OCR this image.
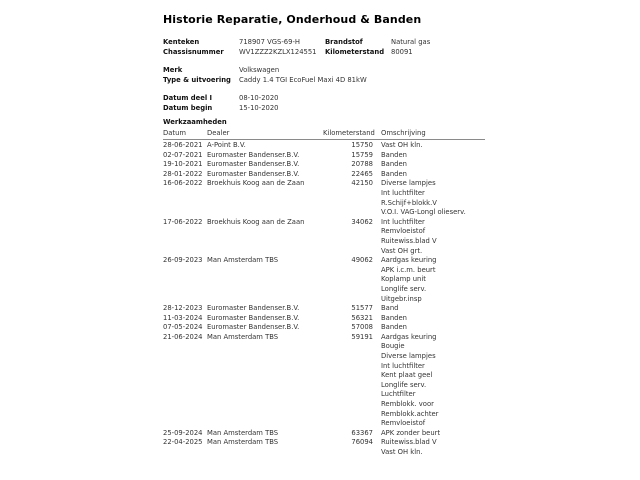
Historie Reparatie, Onderhoud & Banden
Kenteken	718907 VGS-69-H	Brandstof	Natural gas
Chassisnummer	WV1ZZZ2KZLX124551	Kilometerstand	80091
Merk	Volkswagen
Type & uitvoering	Caddy 1.4 TGI EcoFuel Maxi 4D 81kW
Datum deel I	08-10-2020
Datum begin	15-10-2020
Werkzaamheden
Datum	Dealer	Kilometerstand Omschrijving
28-06-2021 A-Point B.V.	15750 Vast OH kln.
02-07-2021 Euromaster Bandenser.B.V.	15759 Banden
19-10-2021 Euromaster Bandenser.B.V.	20788 Banden
28-01-2022 Euromaster Bandenser.B.V.	22465 Banden
16-06-2022 Broekhuis Koog aan de Zaan	42150 Diverse lampjes
Int luchtfilter
R.Schijf+blokk.V
V.O.I. VAG-Longl olieserv.
17-06-2022 Broekhuis Koog aan de Zaan	34062 Int luchtfilter
Remvloeistof
Ruitewiss.blad V
Vast OH grt.
26-09-2023 Man Amsterdam TBS	49062 Aardgas keuring
APK i.c.m. beurt
Koplamp unit
Longlife serv.
Uitgebr.insp
28-12-2023 Euromaster Bandenser.B.V.	51577 Band
11-03-2024 Euromaster Bandenser.B.V.	56321 Banden
07-05-2024 Euromaster Bandenser.B.V.	57008 Banden
21-06-2024 Man Amsterdam TBS	59191 Aardgas keuring
Bougie
Diverse lampjes
Int luchtfilter
Kent plaat geel
Longlife serv.
Luchtfilter
Remblokk. voor
Remblokk.achter
Remvloeistof
25-09-2024 Man Amsterdam TBS	63367 APK zonder beurt
22-04-2025 Man Amsterdam TBS	76094 Ruitewiss.blad V
Vast OH kln.
